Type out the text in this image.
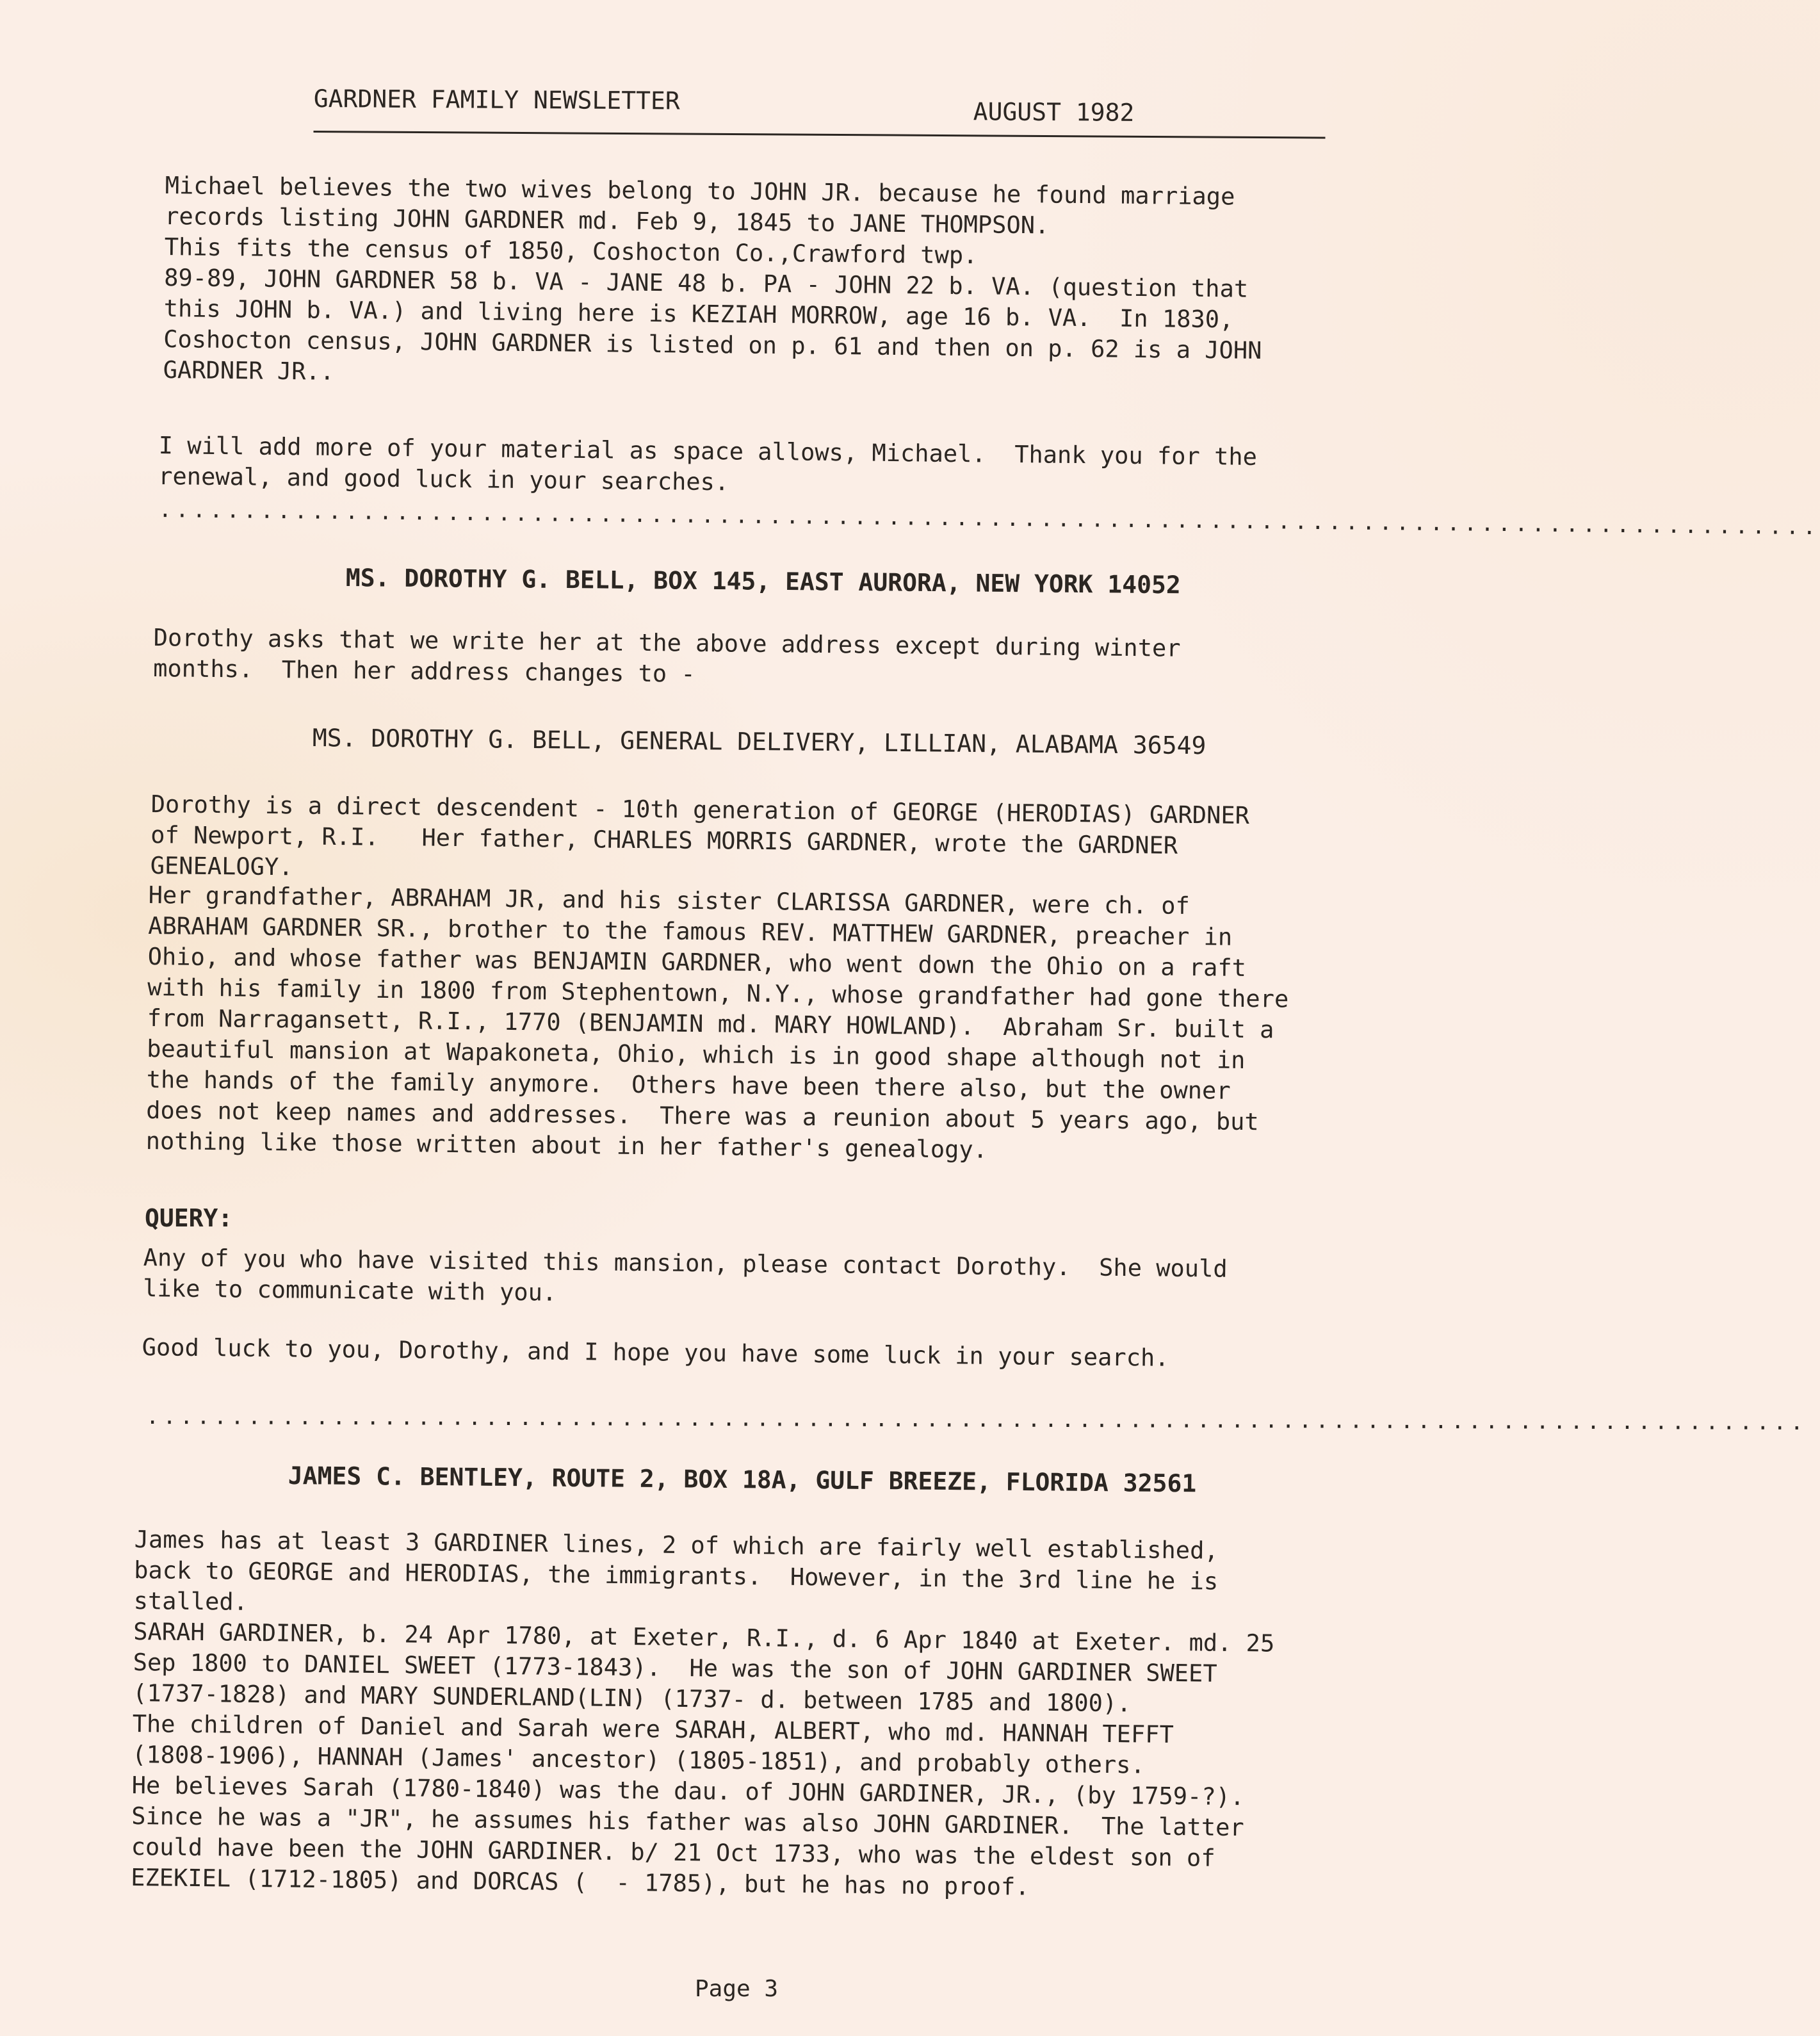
GARDNER FAMILY NEWSLETTER	AUGUST 1982

Michael believes the two wives belong to JOHN JR. because he found marriage

records listing JOHN GARDNER md. Feb 9, 1845 to JANE THOMPSON.

This fits the census of 1850, Coshocton Co.,Crawford twp.

89-89, JOHN GARDNER 58 b. VA - JANE 48 b. PA - JOHN 22 b. VA. (question that

this JOHN b. VA.) and living here is KEZIAH MORROW, age 16 b. VA.  In 1830,

Coshocton census, JOHN GARDNER is listed on p. 61 and then on p. 62 is a JOHN

GARDNER JR..

I will add more of your material as space allows, Michael.  Thank you for the

renewal, and good luck in your searches.

..................................................................................................
MS. DOROTHY G. BELL, BOX 145, EAST AURORA, NEW YORK 14052

Dorothy asks that we write her at the above address except during winter

months.  Then her address changes to -

MS. DOROTHY G. BELL, GENERAL DELIVERY, LILLIAN, ALABAMA 36549

Dorothy is a direct descendent - 10th generation of GEORGE (HERODIAS) GARDNER

of Newport, R.I.   Her father, CHARLES MORRIS GARDNER, wrote the GARDNER

GENEALOGY.

Her grandfather, ABRAHAM JR, and his sister CLARISSA GARDNER, were ch. of

ABRAHAM GARDNER SR., brother to the famous REV. MATTHEW GARDNER, preacher in

Ohio, and whose father was BENJAMIN GARDNER, who went down the Ohio on a raft

with his family in 1800 from Stephentown, N.Y., whose grandfather had gone there

from Narragansett, R.I., 1770 (BENJAMIN md. MARY HOWLAND).  Abraham Sr. built a

beautiful mansion at Wapakoneta, Ohio, which is in good shape although not in

the hands of the family anymore.  Others have been there also, but the owner

does not keep names and addresses.  There was a reunion about 5 years ago, but

nothing like those written about in her father's genealogy.

QUERY:

Any of you who have visited this mansion, please contact Dorothy.  She would

like to communicate with you.

Good luck to you, Dorothy, and I hope you have some luck in your search.

..................................................................................................
JAMES C. BENTLEY, ROUTE 2, BOX 18A, GULF BREEZE, FLORIDA 32561

James has at least 3 GARDINER lines, 2 of which are fairly well established,

back to GEORGE and HERODIAS, the immigrants.  However, in the 3rd line he is

stalled.

SARAH GARDINER, b. 24 Apr 1780, at Exeter, R.I., d. 6 Apr 1840 at Exeter. md. 25

Sep 1800 to DANIEL SWEET (1773-1843).  He was the son of JOHN GARDINER SWEET

(1737-1828) and MARY SUNDERLAND(LIN) (1737- d. between 1785 and 1800).

The children of Daniel and Sarah were SARAH, ALBERT, who md. HANNAH TEFFT

(1808-1906), HANNAH (James' ancestor) (1805-1851), and probably others.

He believes Sarah (1780-1840) was the dau. of JOHN GARDINER, JR., (by 1759-?).

Since he was a "JR", he assumes his father was also JOHN GARDINER.  The latter

could have been the JOHN GARDINER. b/ 21 Oct 1733, who was the eldest son of

EZEKIEL (1712-1805) and DORCAS (  - 1785), but he has no proof.

Page 3
